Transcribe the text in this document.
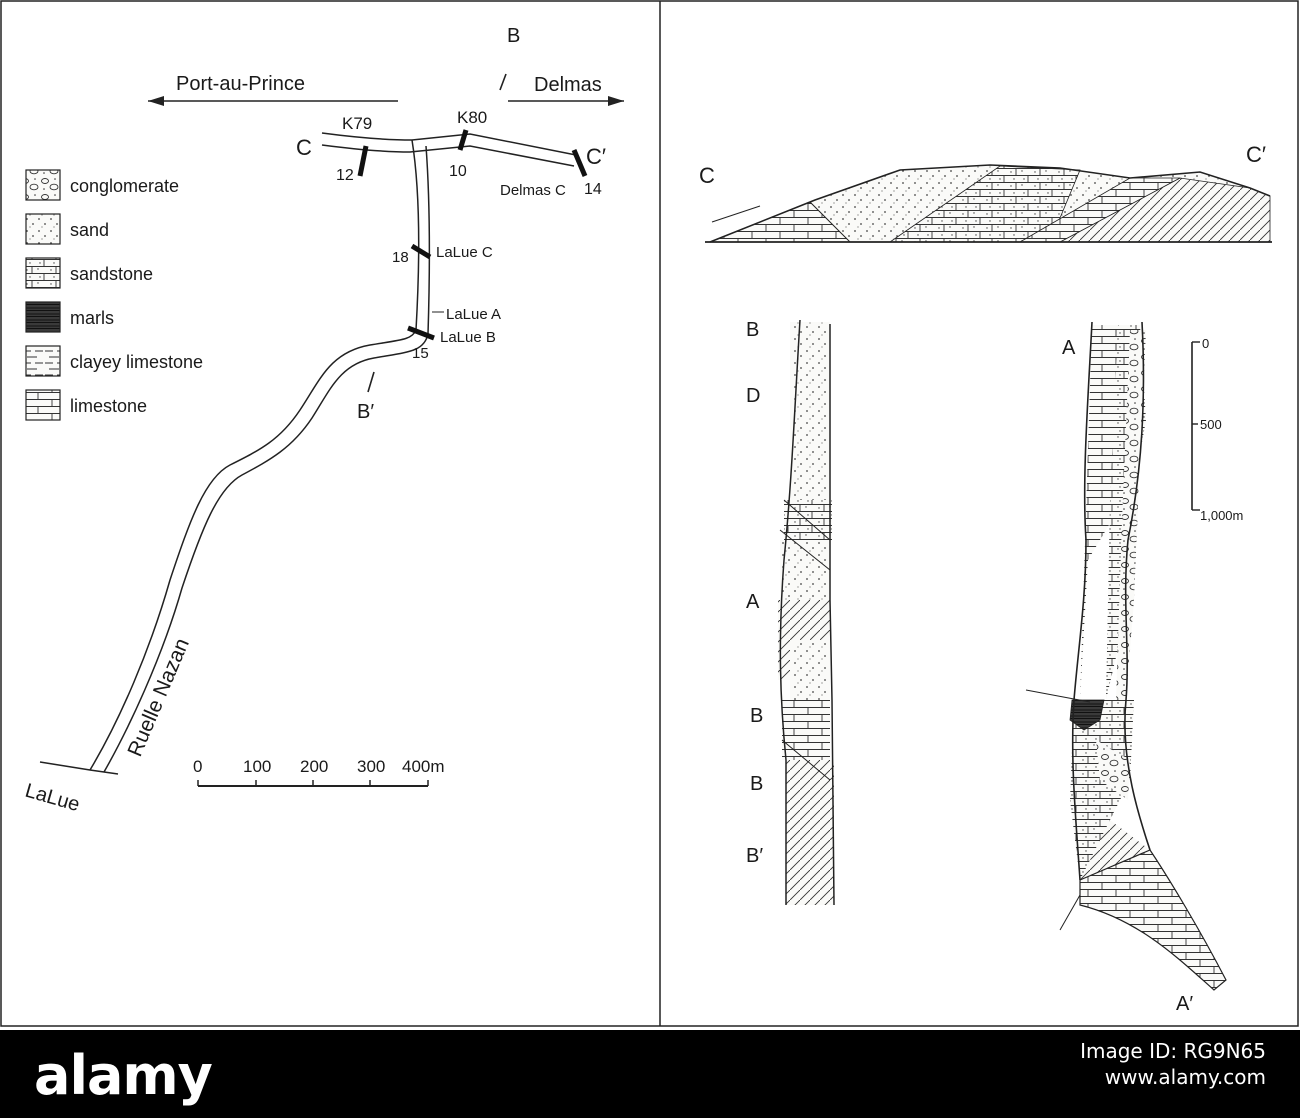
Port-au-Prince	Delmas
B
B′
C	C′
K79	K80
12	10
Delmas C 14
18 LaLue C
LaLue A
LaLue B
15
Ruelle Nazan
LaLue
0 100 200 300 400m
conglomerate
sand
sandstone
marls
clayey limestone
limestone
C
C′
B
D
A
B
B
B′
A
A′
0
500
1,000m
alamy	Image ID: RG9N65
www.alamy.com
